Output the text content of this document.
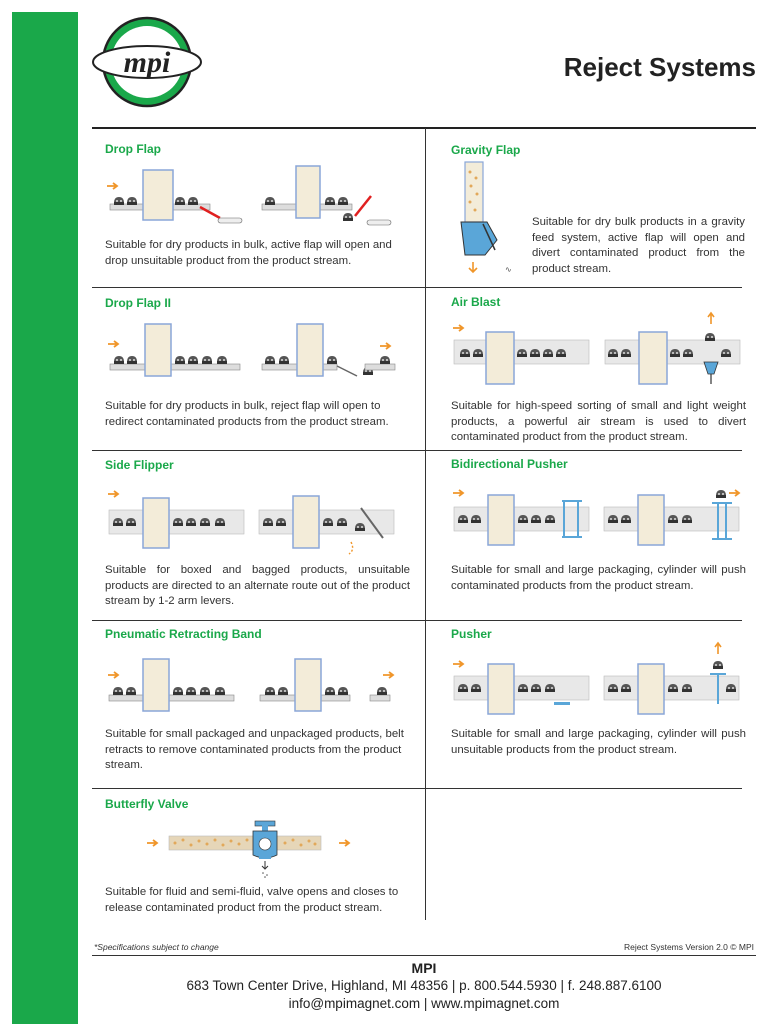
mpi	Reject Systems
Drop Flap

Suitable for dry products in bulk, active flap will open and drop unsuitable product from the product stream.

Gravity Flap
∿

Suitable for dry bulk products in a gravity feed system, active flap will open and divert contaminated product from the product stream.

Drop Flap II

Suitable for dry products in bulk, reject flap will open to redirect contaminated products from the product stream.

Air Blast

Suitable for high-speed sorting of small and light weight products, a powerful air stream is used to divert contaminated product from the product stream.

Side Flipper

Suitable for boxed and bagged products, unsuitable products are directed to an alternate route out of the product stream by 1-2 arm levers.

Bidirectional Pusher

Suitable for small and large packaging, cylinder will push contaminated products from the product stream.

Pneumatic Retracting Band

Suitable for small packaged and unpackaged products, belt retracts to remove contaminated products from the product stream.

Pusher

Suitable for small and large packaging, cylinder will push unsuitable products from the product stream.

Butterfly Valve

Suitable for fluid and semi-fluid, valve opens and closes to release contaminated product from the product stream.

*Specifications subject to change	Reject Systems Version 2.0 © MPI
MPI
683 Town Center Drive, Highland, MI 48356 | p. 800.544.5930 | f. 248.887.6100
info@mpimagnet.com | www.mpimagnet.com
